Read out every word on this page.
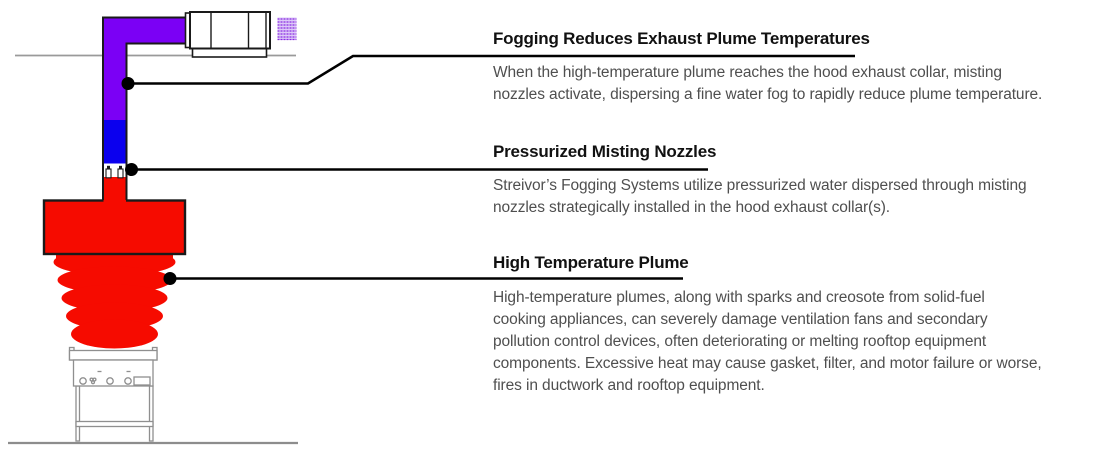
Fogging Reduces Exhaust Plume Temperatures
When the high-temperature plume reaches the hood exhaust collar, misting
nozzles activate, dispersing a fine water fog to rapidly reduce plume temperature.
Pressurized Misting Nozzles
Streivor’s Fogging Systems utilize pressurized water dispersed through misting
nozzles strategically installed in the hood exhaust collar(s).
High Temperature Plume
High-temperature plumes, along with sparks and creosote from solid-fuel
cooking appliances, can severely damage ventilation fans and secondary
pollution control devices, often deteriorating or melting rooftop equipment
components. Excessive heat may cause gasket, filter, and motor failure or worse,
fires in ductwork and rooftop equipment.
